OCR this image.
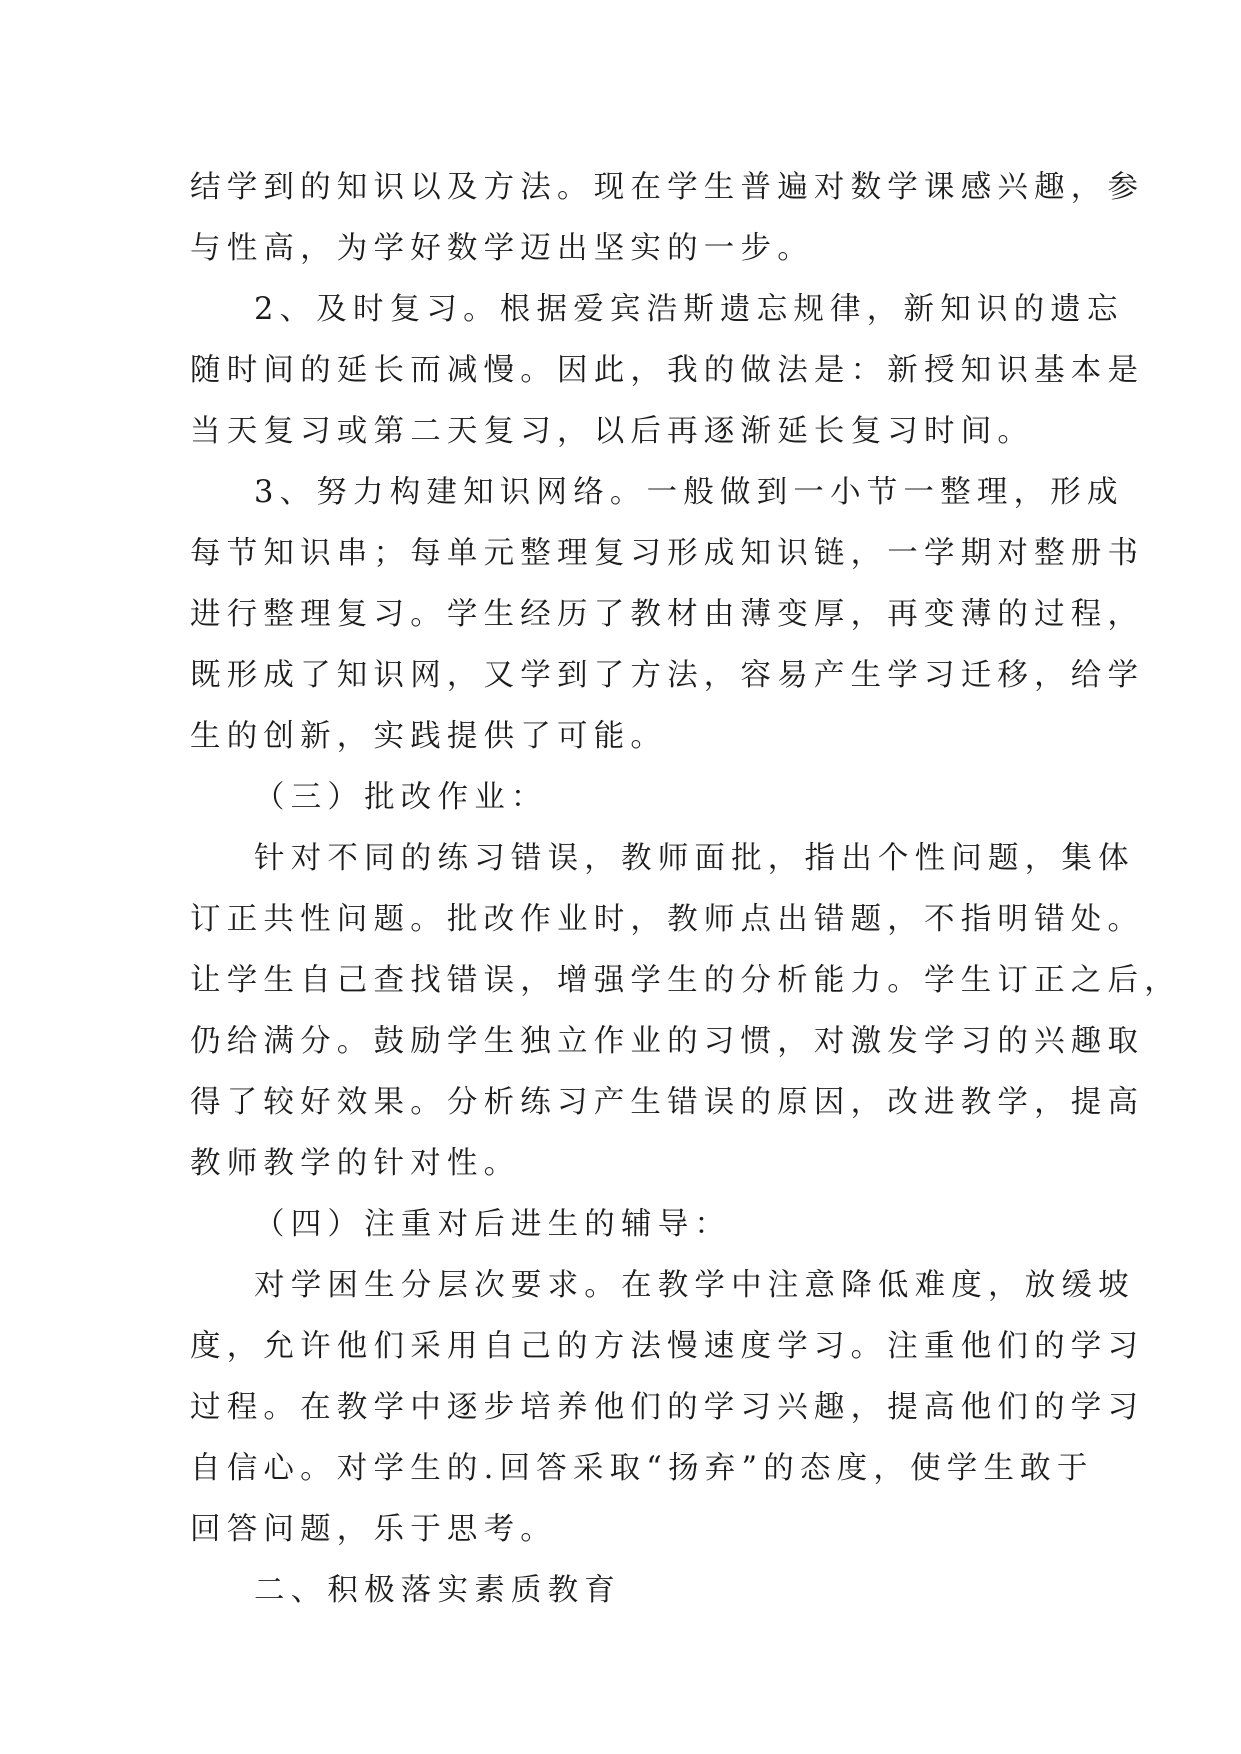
结学到的知识以及方法。现在学生普遍对数学课感兴趣，参
与性高，为学好数学迈出坚实的一步。
2、及时复习。根据爱宾浩斯遗忘规律，新知识的遗忘
随时间的延长而减慢。因此，我的做法是：新授知识基本是
当天复习或第二天复习，以后再逐渐延长复习时间。
3、努力构建知识网络。一般做到一小节一整理，形成
每节知识串；每单元整理复习形成知识链，一学期对整册书
进行整理复习。学生经历了教材由薄变厚，再变薄的过程，
既形成了知识网，又学到了方法，容易产生学习迁移，给学
生的创新，实践提供了可能。
（三）批改作业：
针对不同的练习错误，教师面批，指出个性问题，集体
订正共性问题。批改作业时，教师点出错题，不指明错处。
让学生自己查找错误，增强学生的分析能力。学生订正之后，
仍给满分。鼓励学生独立作业的习惯，对激发学习的兴趣取
得了较好效果。分析练习产生错误的原因，改进教学，提高
教师教学的针对性。
（四）注重对后进生的辅导：
对学困生分层次要求。在教学中注意降低难度，放缓坡
度，允许他们采用自己的方法慢速度学习。注重他们的学习
过程。在教学中逐步培养他们的学习兴趣，提高他们的学习
自信心。对学生的.回答采取“扬弃”的态度，使学生敢于
回答问题，乐于思考。
二、积极落实素质教育
